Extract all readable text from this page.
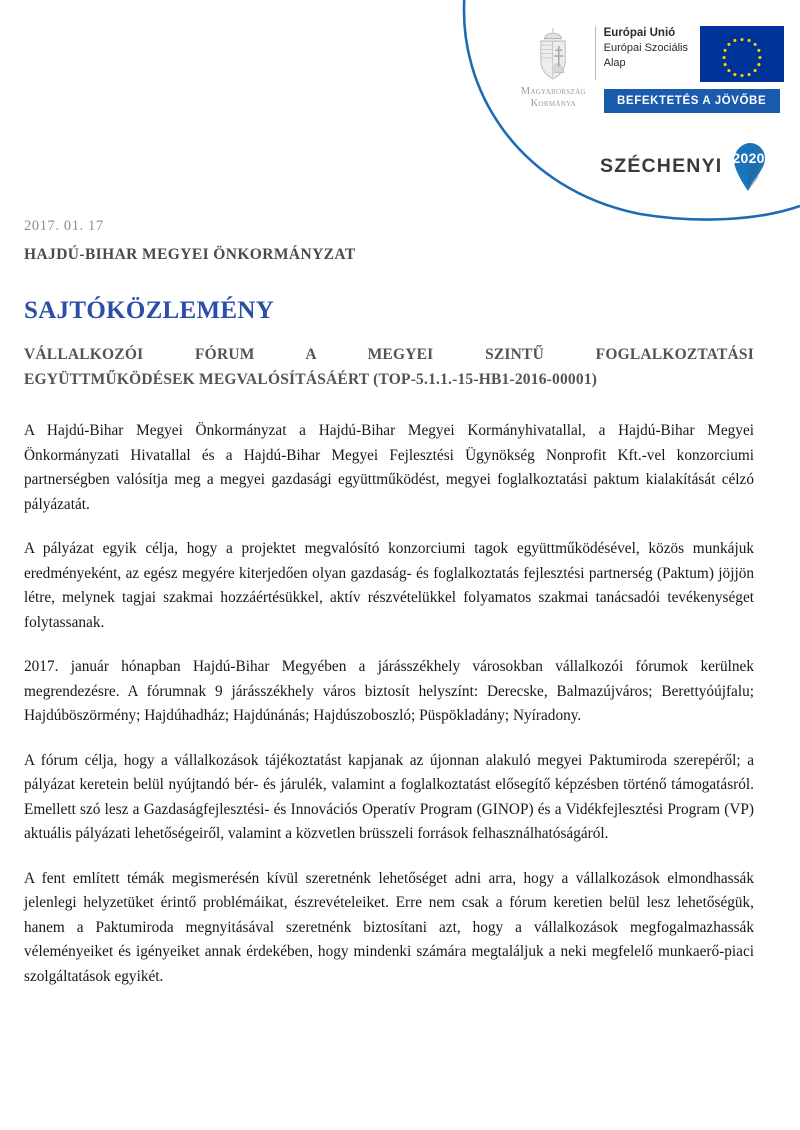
Magyarország
Kormánya
Európai Unió
Európai Szociális
Alap
BEFEKTETÉS A JÖVŐBE
SZÉCHENYI 2020
2017. 01. 17
HAJDÚ-BIHAR MEGYEI ÖNKORMÁNYZAT
SAJTÓKÖZLEMÉNY
VÁLLALKOZÓI FÓRUM A MEGYEI SZINTŰ FOGLALKOZTATÁSI
EGYÜTTMŰKÖDÉSEK MEGVALÓSÍTÁSÁÉRT (TOP-5.1.1.-15-HB1-2016-00001)

A Hajdú-Bihar Megyei Önkormányzat a Hajdú-Bihar Megyei Kormányhivatallal, a Hajdú-Bihar Megyei Önkormányzati Hivatallal és a Hajdú-Bihar Megyei Fejlesztési Ügynökség Nonprofit Kft.-vel konzorciumi partnerségben valósítja meg a megyei gazdasági együttműködést, megyei foglalkoztatási paktum kialakítását célzó pályázatát.

A pályázat egyik célja, hogy a projektet megvalósító konzorciumi tagok együttműködésével, közös munkájuk eredményeként, az egész megyére kiterjedően olyan gazdaság- és foglalkoztatás fejlesztési partnerség (Paktum) jöjjön létre, melynek tagjai szakmai hozzáértésükkel, aktív részvételükkel folyamatos szakmai tanácsadói tevékenységet folytassanak.

2017. január hónapban Hajdú-Bihar Megyében a járásszékhely városokban vállalkozói fórumok kerülnek megrendezésre. A fórumnak 9 járásszékhely város biztosít helyszínt: Derecske, Balmazújváros; Berettyóújfalu; Hajdúböszörmény; Hajdúhadház; Hajdúnánás; Hajdúszoboszló; Püspökladány; Nyíradony.

A fórum célja, hogy a vállalkozások tájékoztatást kapjanak az újonnan alakuló megyei Paktumiroda szerepéről; a pályázat keretein belül nyújtandó bér- és járulék, valamint a foglalkoztatást elősegítő képzésben történő támogatásról. Emellett szó lesz a Gazdaságfejlesztési- és Innovációs Operatív Program (GINOP) és a Vidékfejlesztési Program (VP) aktuális pályázati lehetőségeiről, valamint a közvetlen brüsszeli források felhasználhatóságáról.

A fent említett témák megismerésén kívül szeretnénk lehetőséget adni arra, hogy a vállalkozások elmondhassák jelenlegi helyzetüket érintő problémáikat, észrevételeiket. Erre nem csak a fórum keretien belül lesz lehetőségük, hanem a Paktumiroda megnyitásával szeretnénk biztosítani azt, hogy a vállalkozások megfogalmazhassák véleményeiket és igényeiket annak érdekében, hogy mindenki számára megtaláljuk a neki megfelelő munkaerő-piaci szolgáltatások egyikét.
